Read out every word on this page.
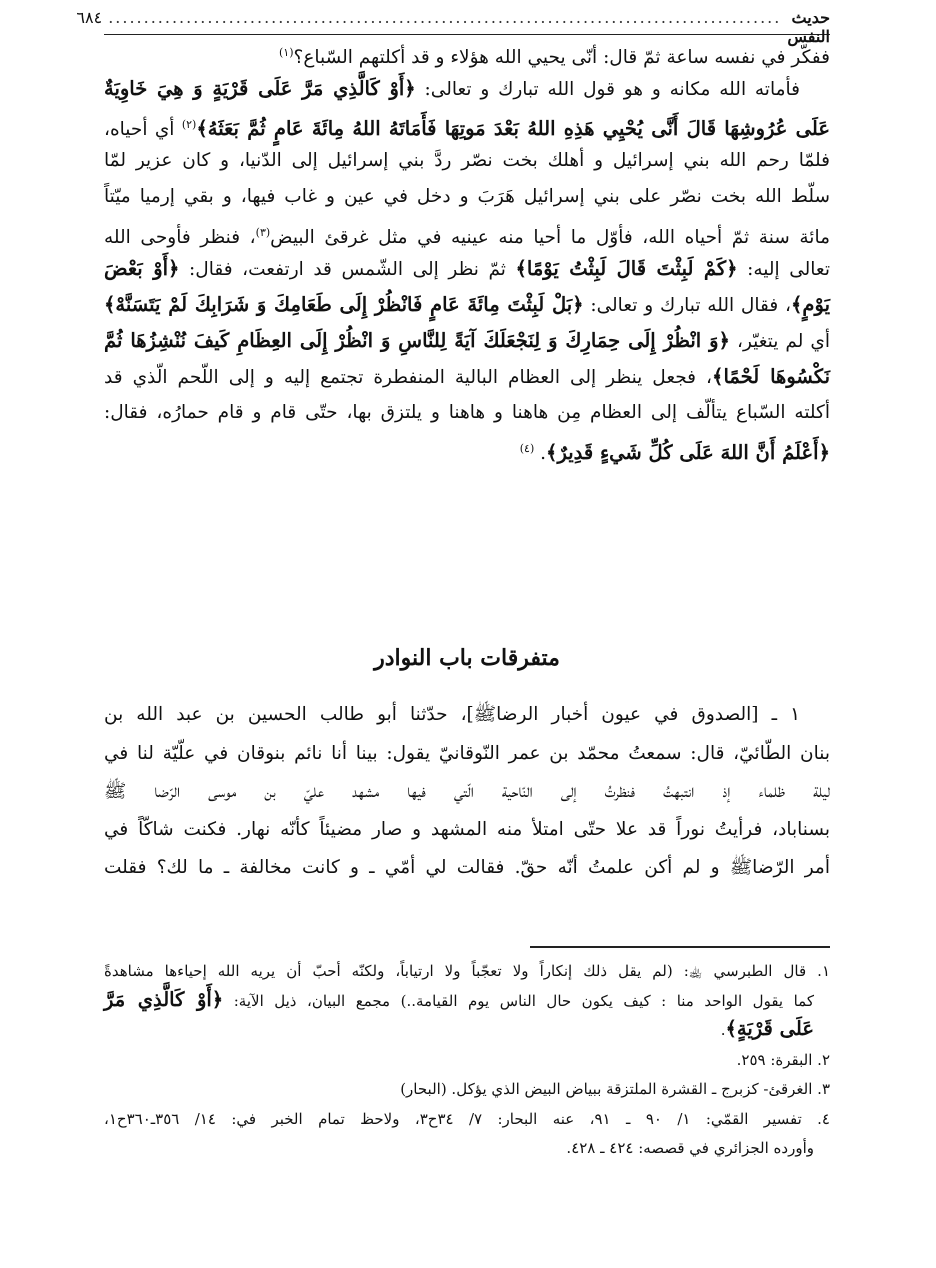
حديث النفس
...............................................................................................
٦٨٤
ففكّر في نفسه ساعة ثمّ قال: أنّى يحيي الله هؤلاء و قد أكلتهم السّباع؟$^{(١)}$
فأماته الله مكانه و هو قول الله تبارك و تعالى: ﴿أَوْ كَالَّذِي مَرَّ عَلَى قَرْيَةٍ وَ هِيَ خَاوِيَةٌ
عَلَى عُرُوشِهَا قَالَ أَنَّى يُحْيِي هَذِهِ اللهُ بَعْدَ مَوتِهَا فَأَمَاتَهُ اللهُ مِائَةَ عَامٍ ثُمَّ بَعَثَهُ﴾$^{(٢)}$ أي أحياه،
فلمّا رحم الله بني إسرائيل و أهلك بخت نصّر ردَّ بني إسرائيل إلى الدّنيا، و كان عزير لمّا
سلّط الله بخت نصّر على بني إسرائيل هَرَبَ و دخل في عين و غاب فيها، و بقي إرميا ميّتاً
مائة سنة ثمّ أحياه الله، فأوّل ما أحيا منه عينيه في مثل غرقئ البيض$^{(٣)}$، فنظر فأوحى الله
تعالى إليه: ﴿كَمْ لَبِثْتَ قَالَ لَبِثْتُ يَوْمًا﴾ ثمّ نظر إلى الشّمس قد ارتفعت، فقال: ﴿أَوْ بَعْضَ
يَوْمٍ﴾، فقال الله تبارك و تعالى: ﴿بَلْ لَبِثْتَ مِائَةَ عَامٍ فَانْظُرْ إِلَى طَعَامِكَ وَ شَرَابِكَ لَمْ يَتَسَنَّهْ﴾
أي لم يتغيّر، ﴿وَ انْظُرْ إِلَى حِمَارِكَ وَ لِنَجْعَلَكَ آيَةً لِلنَّاسِ وَ انْظُرْ إِلَى العِظَامِ كَيفَ نُنْشِزُهَا ثُمَّ
نَكْسُوهَا لَحْمًا﴾، فجعل ينظر إلى العظام البالية المنفطرة تجتمع إليه و إلى اللّحم الّذي قد
أكلته السّباع يتألّف إلى العظام مِن هاهنا و هاهنا و يلتزق بها، حتّى قام و قام حمارُه، فقال:
﴿أَعْلَمُ أَنَّ اللهَ عَلَى كُلِّ شَيءٍ قَدِيرٌ﴾. $^{(٤)}$
متفرقات باب النوادر
١ ـ [الصدوق في عيون أخبار الرضاﷺ]، حدّثنا أبو طالب الحسين بن عبد الله بن
بنان الطّائيّ، قال: سمعتُ محمّد بن عمر النّوقانيّ يقول: بينا أنا نائم بنوقان في علّيّة لنا في
ليلة ظلماء إذ انتبهتُ فنظرتُ إلى النّاحية الّتي فيها مشهد عليّ بن موسى الرّضا ﷺ
بسناباد، فرأيتُ نوراً قد علا حتّى امتلأ منه المشهد و صار مضيئاً كأنّه نهار. فكنت شاكّاً في
أمر الرّضاﷺ و لم أكن علمتُ أنّه حقّ. فقالت لي أمّي ـ و كانت مخالفة ـ ما لك؟ فقلت
١. قال الطبرسي ﵀: (لم يقل ذلك إنكاراً ولا تعجّباً ولا ارتياباً، ولكنّه أحبّ أن يريه الله إحياءها مشاهدةً
كما يقول الواحد منا : كيف يكون حال الناس يوم القيامة..) مجمع البيان، ذيل الآية: ﴿أَوْ كَالَّذِي مَرَّ
عَلَى قَرْيَةٍ﴾.
٢. البقرة: ٢٥٩.
٣. الغرقئ- كزبرج ـ القشرة الملتزقة ببياض البيض الذي يؤكل. (البحار)
٤. تفسير القمّي: ١/ ٩٠ ـ ٩١، عنه البحار: ٧/ ٣٤ح٣، ولاحظ تمام الخبر في: ١٤/ ٣٥٦ـ٣٦٠ح١،
وأورده الجزائري في قصصه: ٤٢٤ ـ ٤٢٨.
